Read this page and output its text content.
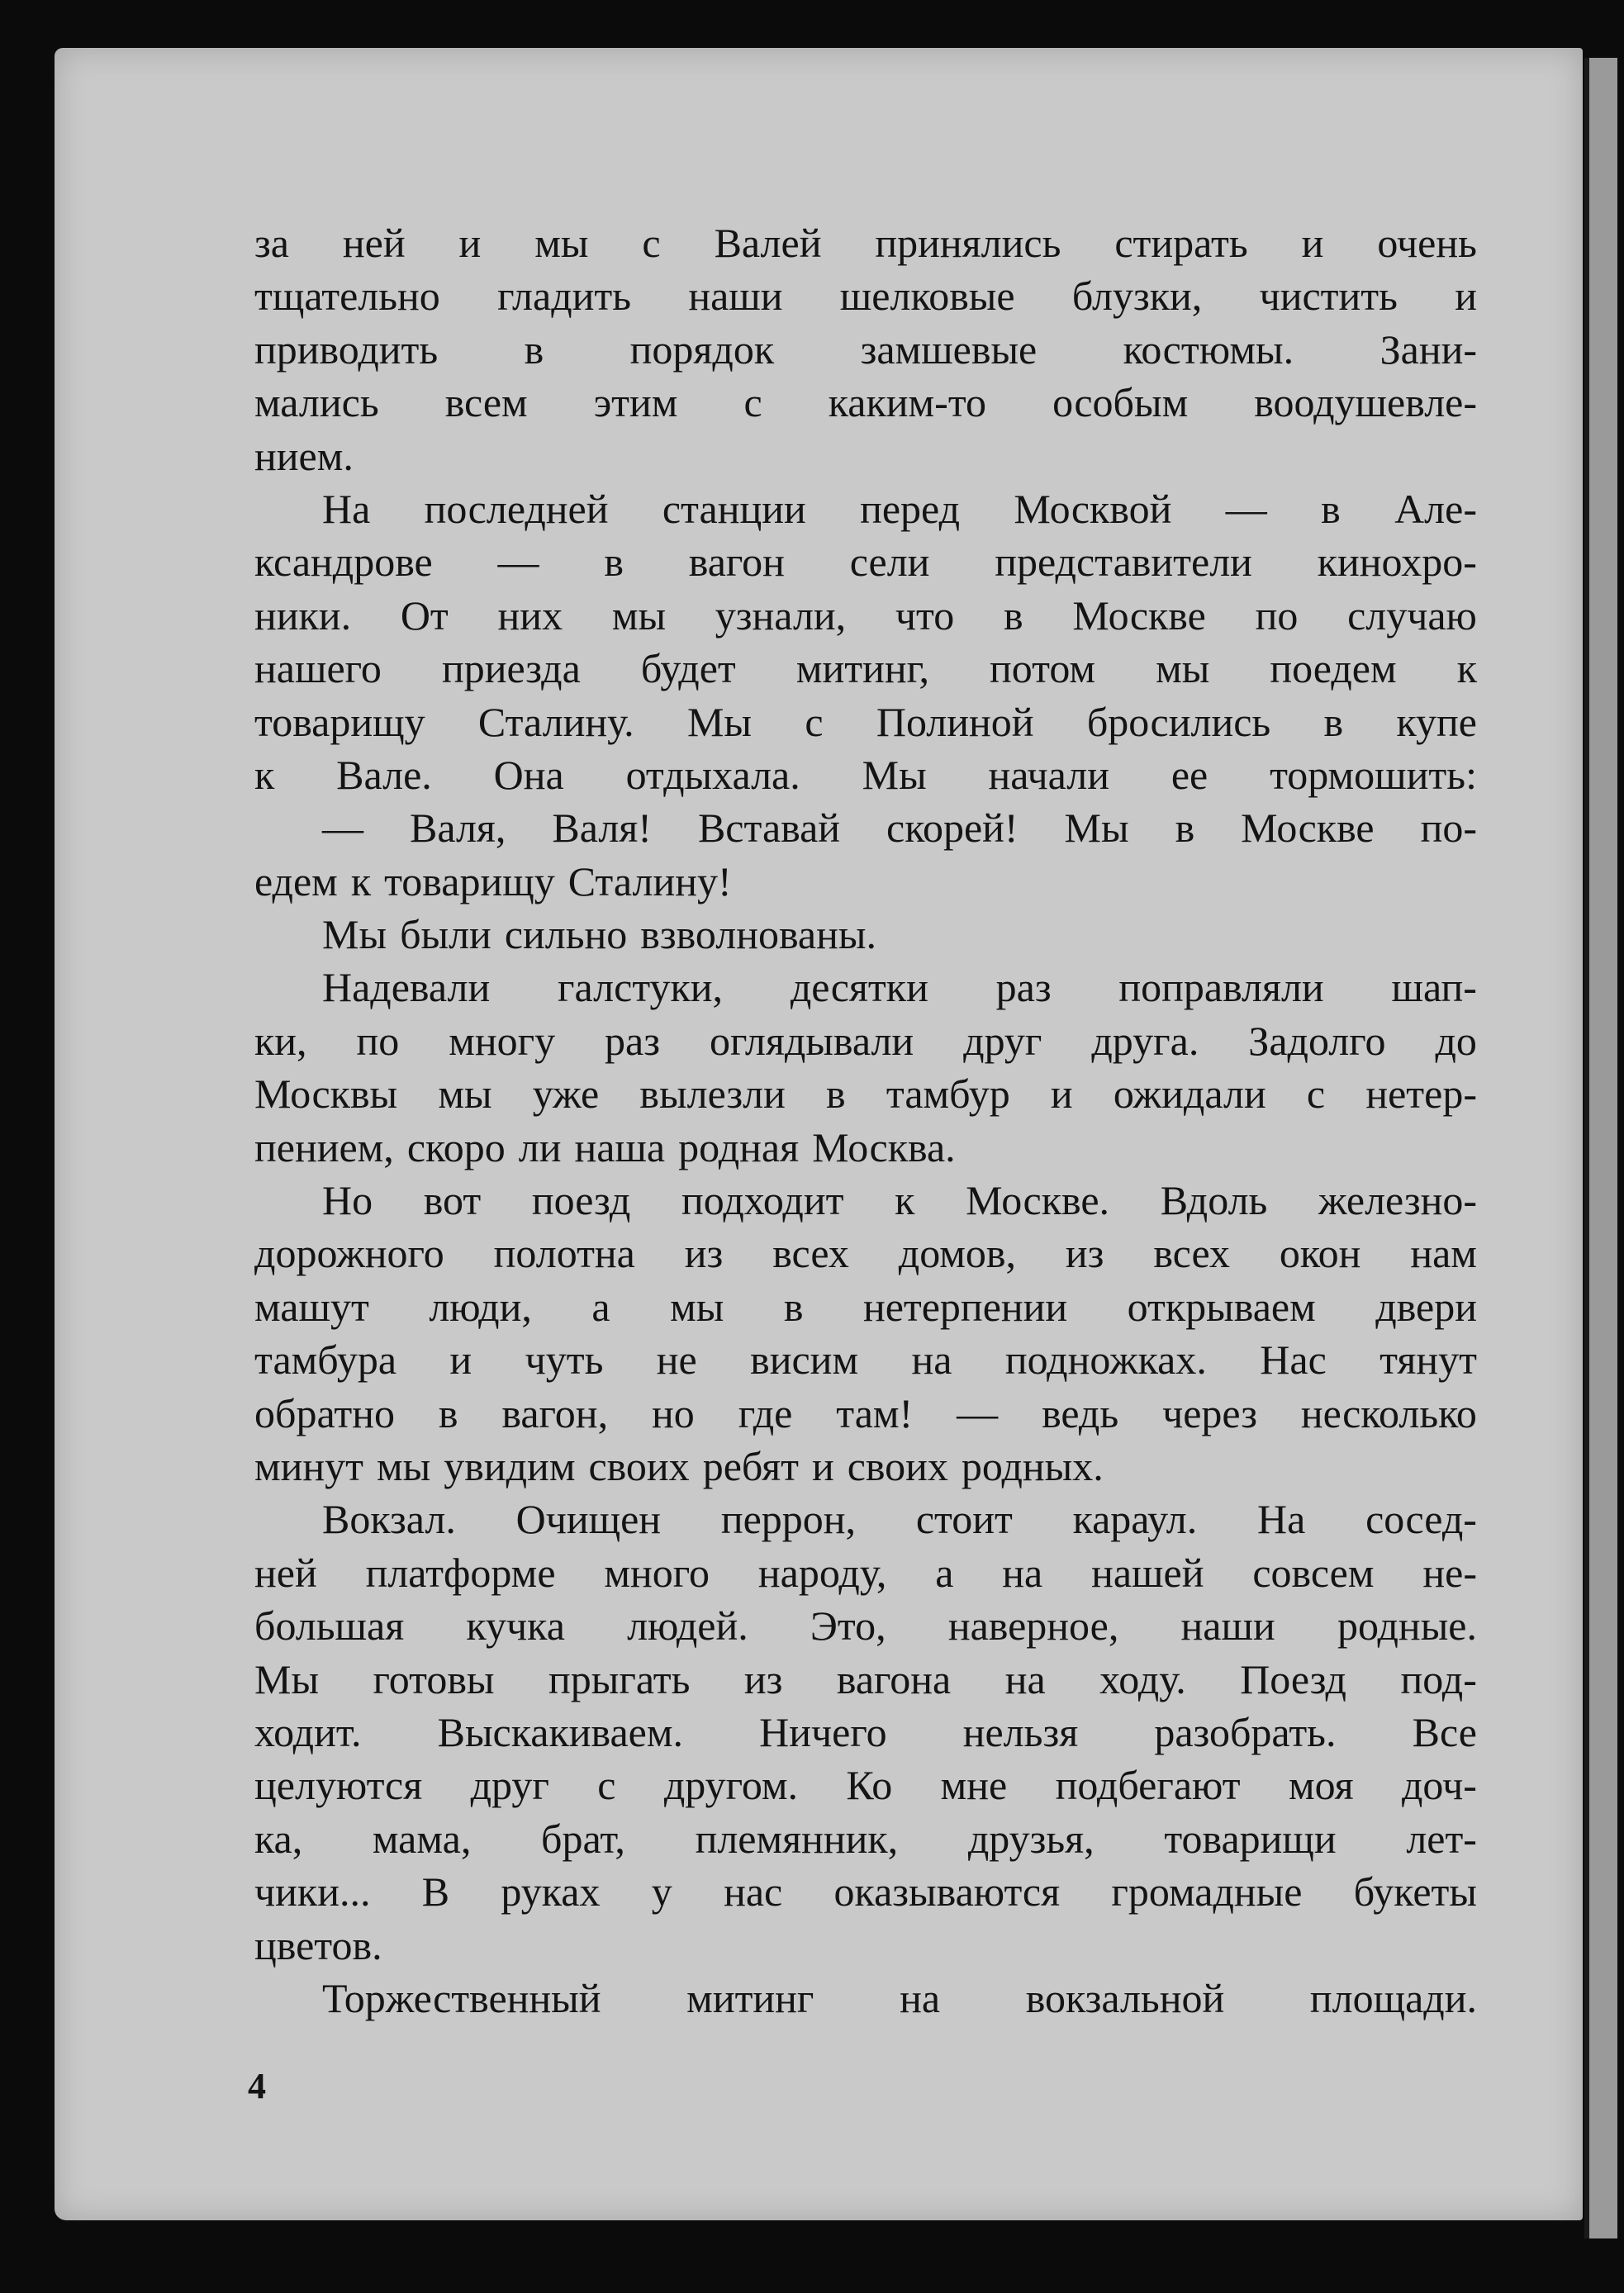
за ней и мы с Валей принялись стирать и очень
тщательно гладить наши шелковые блузки, чистить и
приводить в порядок замшевые костюмы. Зани-
мались всем этим с каким-то особым воодушевле-
нием.
На последней станции перед Москвой — в Але-
ксандрове — в вагон сели представители кинохро-
ники. От них мы узнали, что в Москве по случаю
нашего приезда будет митинг, потом мы поедем к
товарищу Сталину. Мы с Полиной бросились в купе
к Вале. Она отдыхала. Мы начали ее тормошить:
— Валя, Валя! Вставай скорей! Мы в Москве по-
едем к товарищу Сталину!
Мы были сильно взволнованы.
Надевали галстуки, десятки раз поправляли шап-
ки, по многу раз оглядывали друг друга. Задолго до
Москвы мы уже вылезли в тамбур и ожидали с нетер-
пением, скоро ли наша родная Москва.
Но вот поезд подходит к Москве. Вдоль железно-
дорожного полотна из всех домов, из всех окон нам
машут люди, а мы в нетерпении открываем двери
тамбура и чуть не висим на подножках. Нас тянут
обратно в вагон, но где там! — ведь через несколько
минут мы увидим своих ребят и своих родных.
Вокзал. Очищен перрон, стоит караул. На сосед-
ней платформе много народу, а на нашей совсем не-
большая кучка людей. Это, наверное, наши родные.
Мы готовы прыгать из вагона на ходу. Поезд под-
ходит. Выскакиваем. Ничего нельзя разобрать. Все
целуются друг с другом. Ко мне подбегают моя доч-
ка, мама, брат, племянник, друзья, товарищи лет-
чики... В руках у нас оказываются громадные букеты
цветов.
Торжественный митинг на вокзальной площади.
4
